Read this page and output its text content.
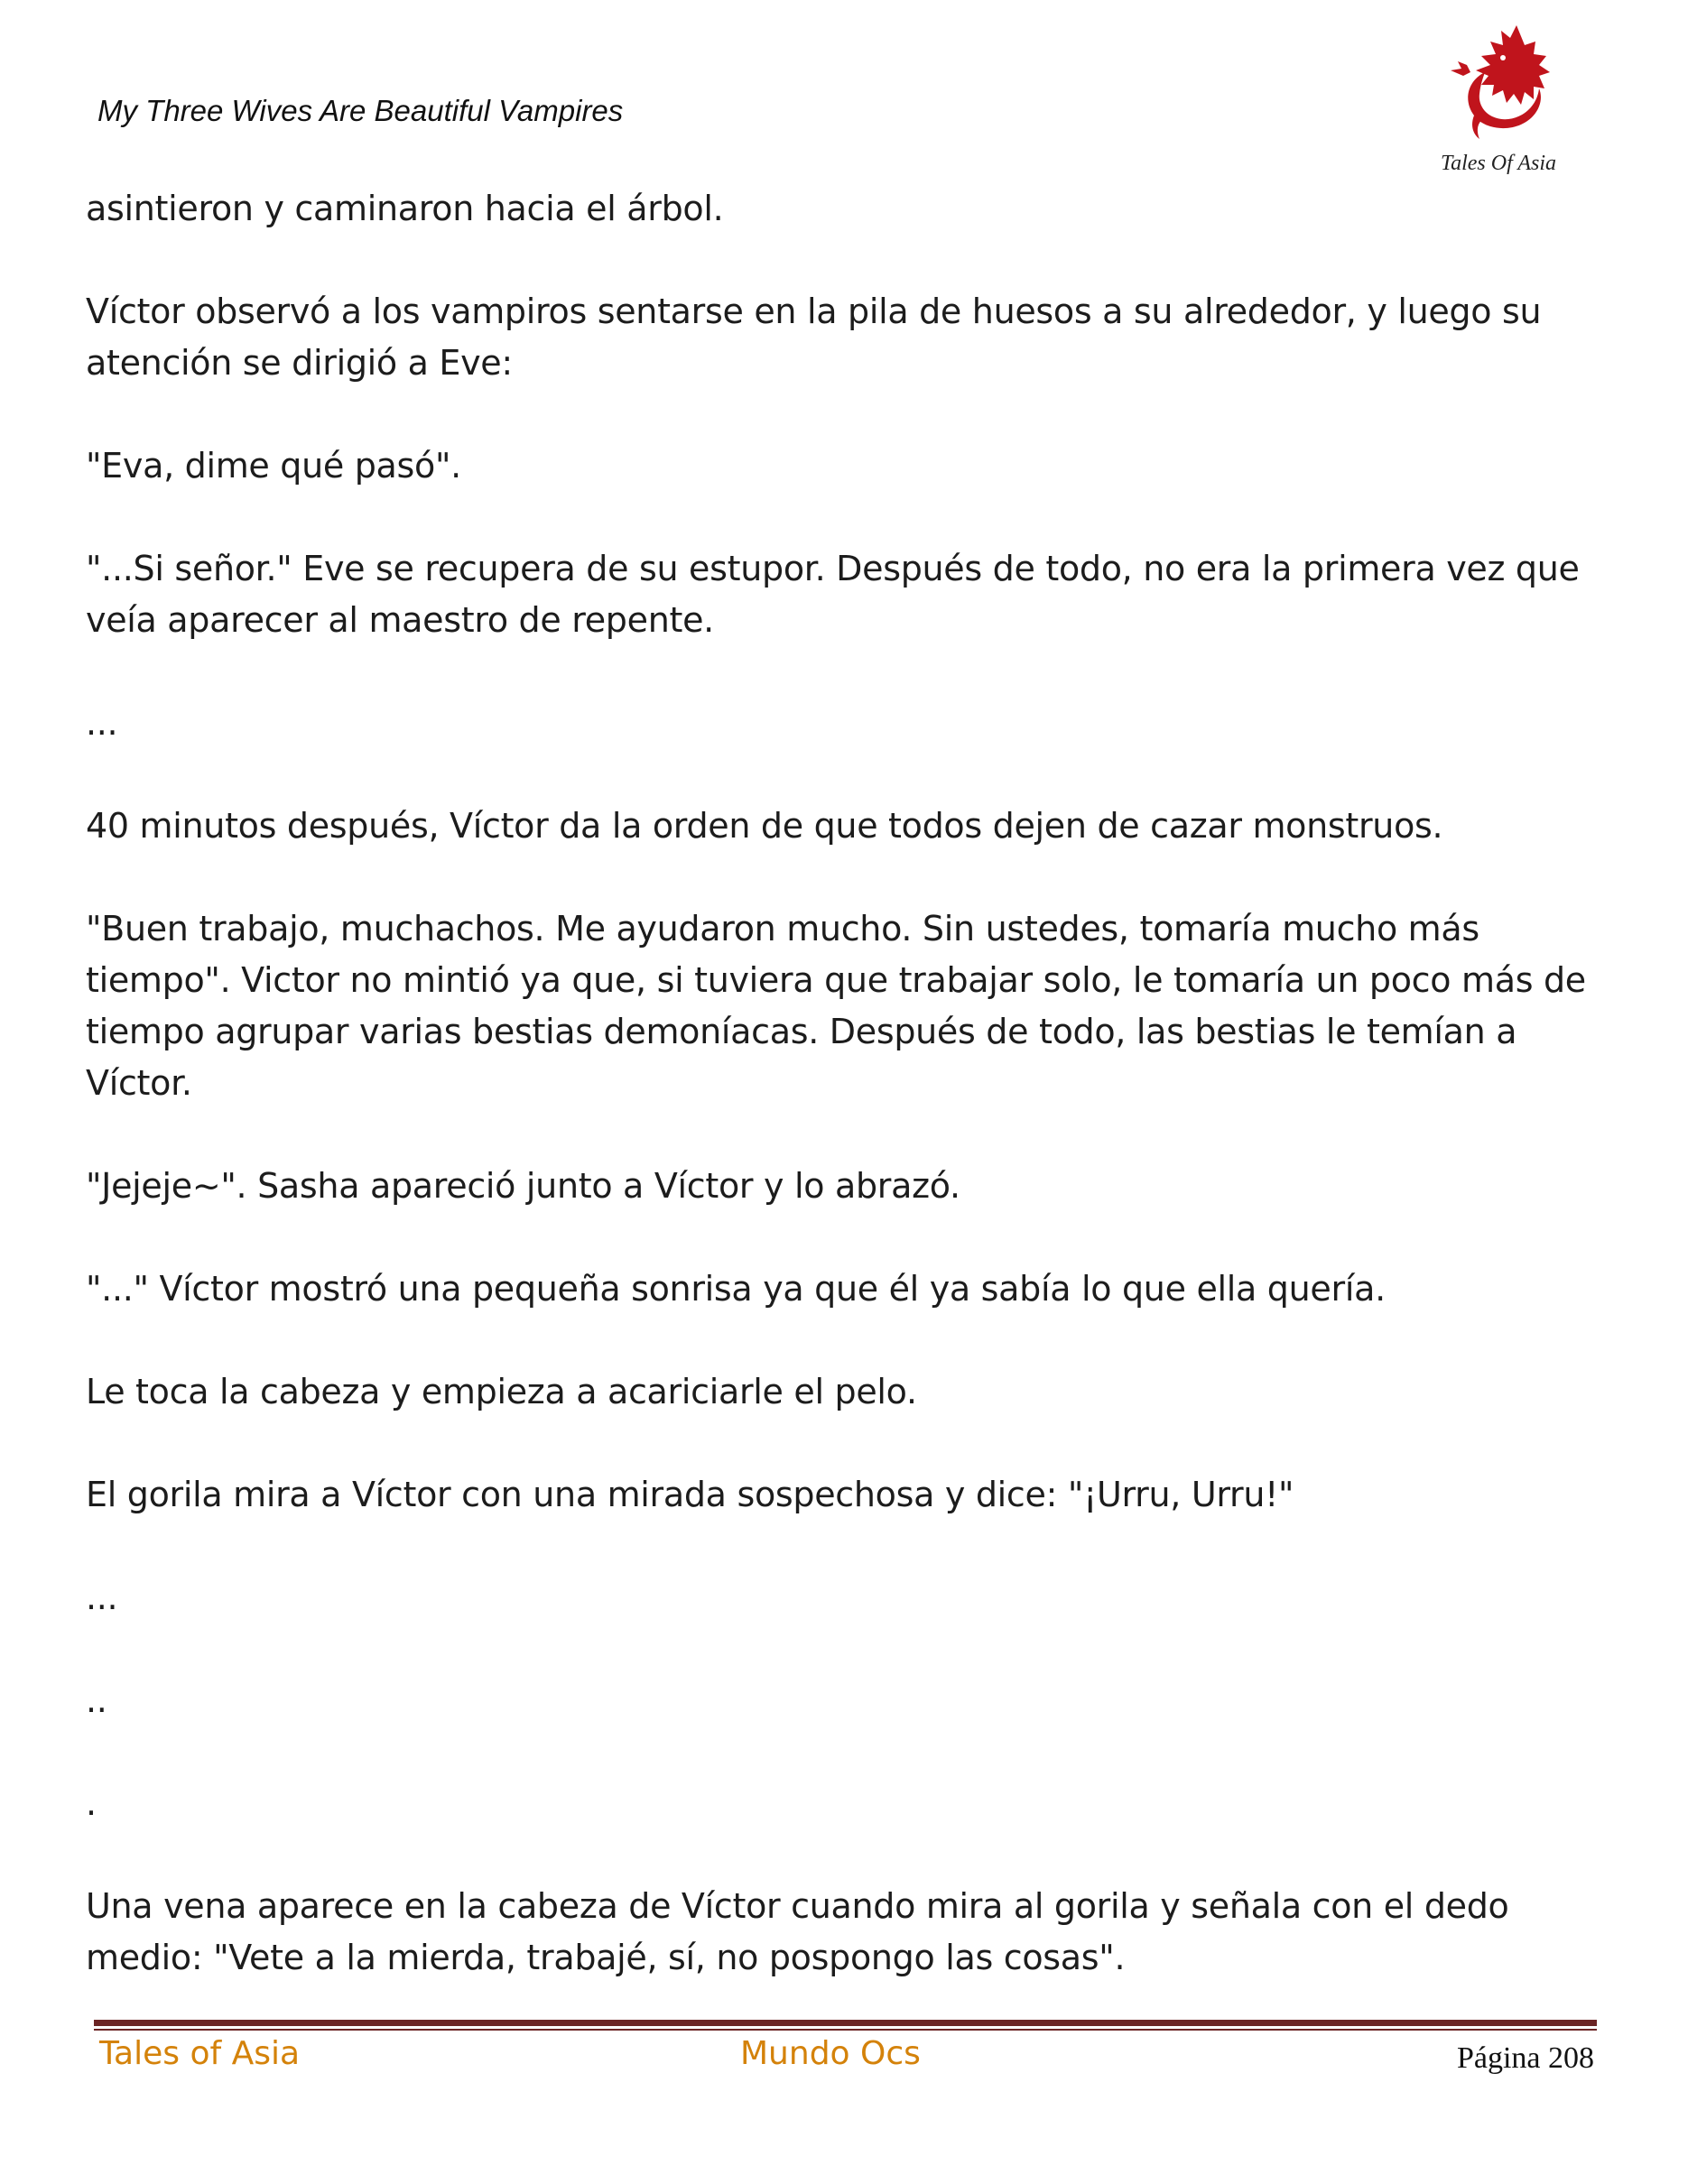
My Three Wives Are Beautiful Vampires
Tales Of Asia

asintieron y caminaron hacia el árbol.

Víctor observó a los vampiros sentarse en la pila de huesos a su alrededor, y luego su atención se dirigió a Eve:

"Eva, dime qué pasó".

"...Si señor." Eve se recupera de su estupor. Después de todo, no era la primera vez que veía aparecer al maestro de repente.

...

40 minutos después, Víctor da la orden de que todos dejen de cazar monstruos.

"Buen trabajo, muchachos. Me ayudaron mucho. Sin ustedes, tomaría mucho más tiempo". Victor no mintió ya que, si tuviera que trabajar solo, le tomaría un poco más de tiempo agrupar varias bestias demoníacas. Después de todo, las bestias le temían a Víctor.

"Jejeje~". Sasha apareció junto a Víctor y lo abrazó.

"..." Víctor mostró una pequeña sonrisa ya que él ya sabía lo que ella quería.

Le toca la cabeza y empieza a acariciarle el pelo.

El gorila mira a Víctor con una mirada sospechosa y dice: "¡Urru, Urru!"

...

..

.

Una vena aparece en la cabeza de Víctor cuando mira al gorila y señala con el dedo medio: "Vete a la mierda, trabajé, sí, no pospongo las cosas".

Tales of Asia	Mundo Ocs	Página 208
